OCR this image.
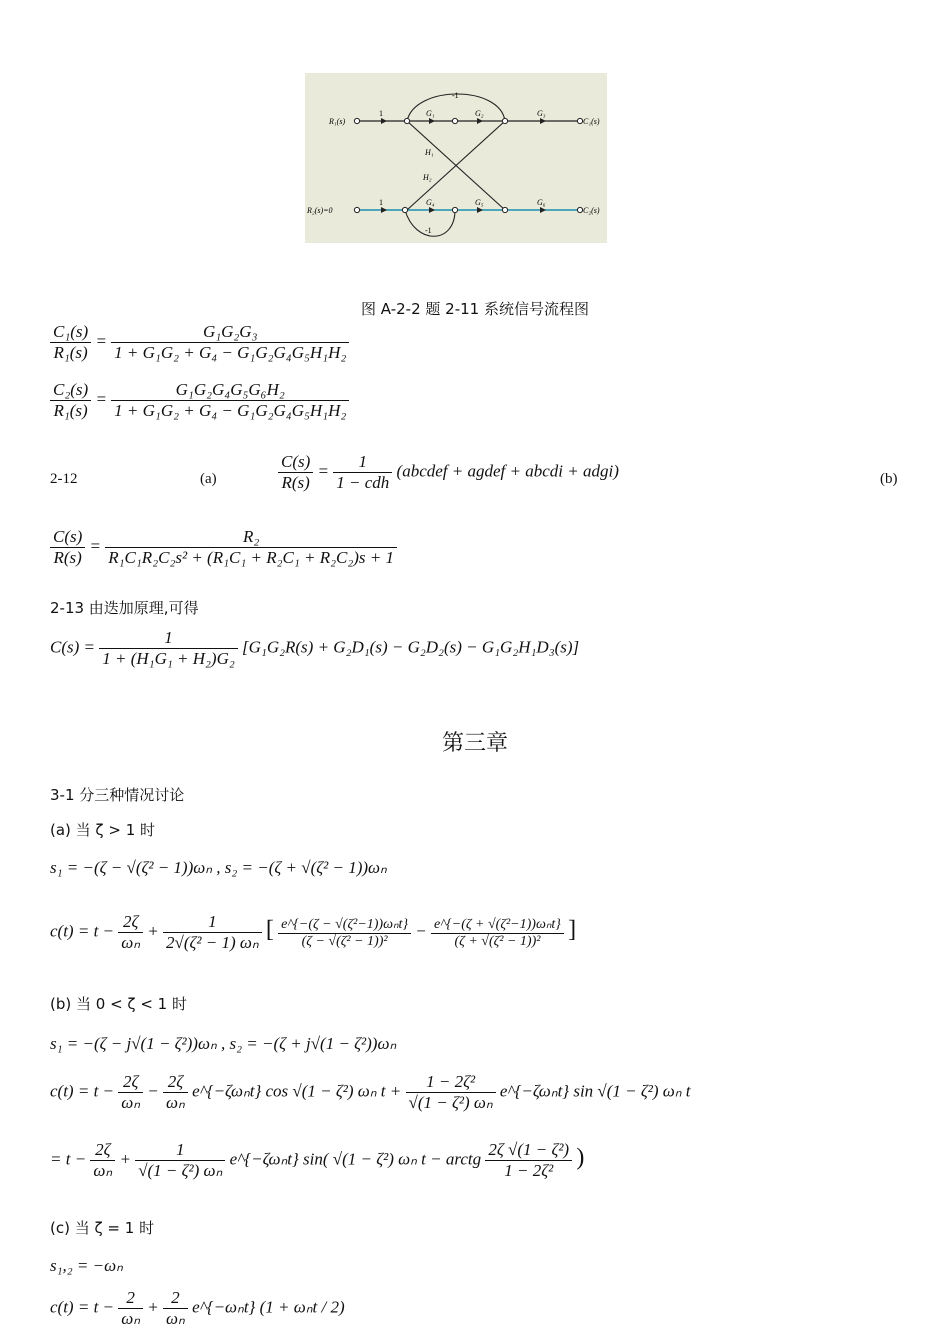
R₁(s)
R₂(s)=0
C₁(s)
C₂(s)
1
1
-1
-1
G₁	G₂	G₃
G₄	G₅	G₆
H₁
H₂
图 A-2-2 题 2-11 系统信号流程图
$\frac{\text{C₁(s)}}{\text{R₁(s)}} = \frac{\text{G₁G₂G₃}}{\text{1 + G₁G₂ + G₄ − G₁G₂G₄G₅H₁H₂}}$
$\frac{\text{C₂(s)}}{\text{R₁(s)}} = \frac{\text{G₁G₂G₄G₅G₆H₂}}{\text{1 + G₁G₂ + G₄ − G₁G₂G₄G₅H₁H₂}}$
2-12	(a)	$\frac{C(s)}{R(s)} = \frac{1}{\text{1 − cdh}}$ (abcdef + agdef + abcdi + adgi)	(b)
$\frac{C(s)}{R(s)} = \frac{\text{R₂}}{\text{R₁C₁R₂C₂s² + (R₁C₁ + R₂C₁ + R₂C₂)s + 1}}$
2-13 由迭加原理,可得
$C(s) = \frac{1}{\text{1 + (H₁G₁ + H₂)G₂}} [G_1G_2R(s) + G_2D_1(s) - G_2D_2(s) - G_1G_2H_1D_3(s)]$
第三章
3-1 分三种情况讨论
(a) 当 ζ > 1 时
s₁ = −(ζ − √(ζ² − 1))ωₙ , s₂ = −(ζ + √(ζ² − 1))ωₙ
$c(t) = t - \frac{2\zeta}{\text{ωₙ}} + \frac{1}{\text{2√(ζ² − 1) ωₙ}}$ [ $\frac{\text{e\textasciicircum{}\{−(ζ − √(ζ²−1))ωₙt\}}}{\text{(ζ − √(ζ² − 1))²}} - \frac{\text{e\textasciicircum{}\{−(ζ + √(ζ²−1))ωₙt\}}}{\text{(ζ + √(ζ² − 1))²}}$ ]
(b) 当 0 < ζ < 1 时
s₁ = −(ζ − j√(1 − ζ²))ωₙ , s₂ = −(ζ + j√(1 − ζ²))ωₙ
$c(t) = t - \frac{2\zeta}{\text{ωₙ}} - \frac{2\zeta}{\text{ωₙ}}$ e^{−ζωₙt} cos √(1 − ζ²) ωₙ $t + \frac{\text{1 − 2ζ²}}{\text{√(1 − ζ²) ωₙ}}$ e^{−ζωₙt} sin √(1 − ζ²) ωₙ t
= $t - \frac{2\zeta}{\text{ωₙ}} + \frac{1}{\text{√(1 − ζ²) ωₙ}}$ e^{−ζωₙt} sin( √(1 − ζ²) ωₙ t − arctg $\frac{\text{2ζ √(1 − ζ²)}}{\text{1 − 2ζ²}}$ )
(c) 当 ζ = 1 时
s₁,₂ = −ωₙ
$c(t) = t - \frac{2}{\text{ωₙ}} + \frac{2}{\text{ωₙ}}$ e^{−ωₙt} (1 + ωₙt / 2)
